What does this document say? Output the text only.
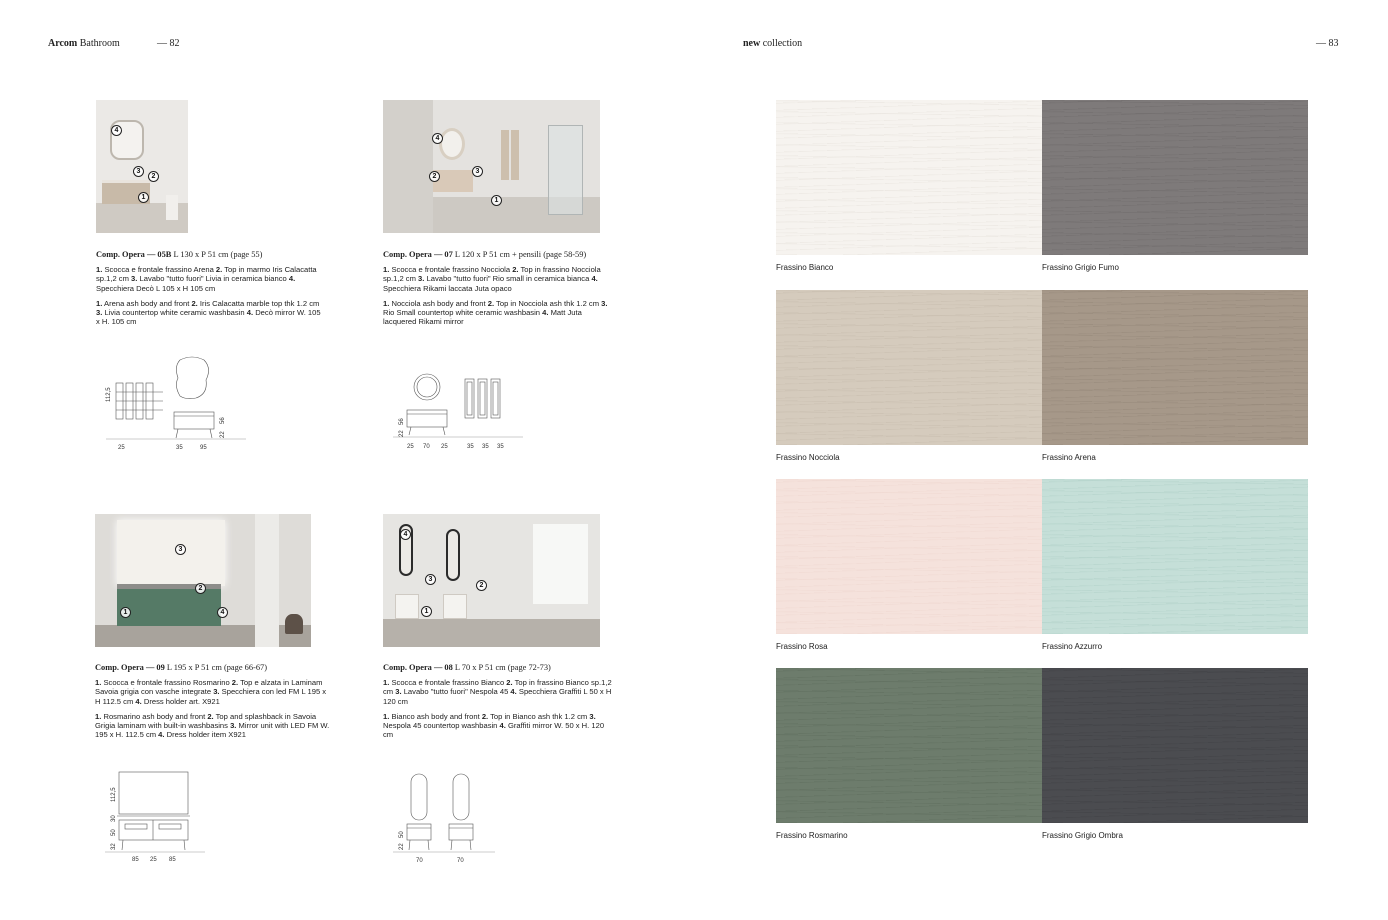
Arcom Bathroom	— 82	new collection	— 83
4
3
2
1
Comp. Opera — 05B L 130 x P 51 cm (page 55)

1. Scocca e frontale frassino Arena 2. Top in marmo Iris Calacatta sp.1,2 cm 3. Lavabo "tutto fuori" Livia in ceramica bianco 4. Specchiera Decò L 105 x H 105 cm

1. Arena ash body and front 2. Iris Calacatta marble top thk 1.2 cm 3. Livia countertop white ceramic washbasin 4. Decò mirror W. 105 x H. 105 cm

112,5
56
22
25	35	95
4
2
3
1
Comp. Opera — 07 L 120 x P 51 cm + pensili (page 58-59)

1. Scocca e frontale frassino Nocciola 2. Top in frassino Nocciola sp.1,2 cm 3. Lavabo "tutto fuori" Rio small in ceramica bianca 4. Specchiera Rikami laccata Juta opaco

1. Nocciola ash body and front 2. Top in Nocciola ash thk 1.2 cm 3. Rio Small countertop white ceramic washbasin 4. Matt Juta lacquered Rikami mirror

56
22
25 70 25	35 35 35
3
2
1	4
Comp. Opera — 09 L 195 x P 51 cm (page 66-67)

1. Scocca e frontale frassino Rosmarino 2. Top e alzata in Laminam Savoia grigia con vasche integrate 3. Specchiera con led FM L 195 x H 112.5 cm 4. Dress holder art. X921

1. Rosmarino ash body and front 2. Top and splashback in Savoia Grigia laminam with built-in washbasins 3. Mirror unit with LED FM W. 195 x H. 112.5 cm 4. Dress holder item X921

112,5
30
50
32
85 25 85
4
3
2
1
Comp. Opera — 08 L 70 x P 51 cm (page 72-73)

1. Scocca e frontale frassino Bianco 2. Top in frassino Bianco sp.1,2 cm 3. Lavabo "tutto fuori" Nespola 45 4. Specchiera Graffiti L 50 x H 120 cm

1. Bianco ash body and front 2. Top in Bianco ash thk 1.2 cm 3. Nespola 45 countertop washbasin 4. Graffiti mirror W. 50 x H. 120 cm

50
22
70	70
Frassino Bianco	Frassino Grigio Fumo
Frassino Nocciola	Frassino Arena
Frassino Rosa	Frassino Azzurro
Frassino Rosmarino	Frassino Grigio Ombra
